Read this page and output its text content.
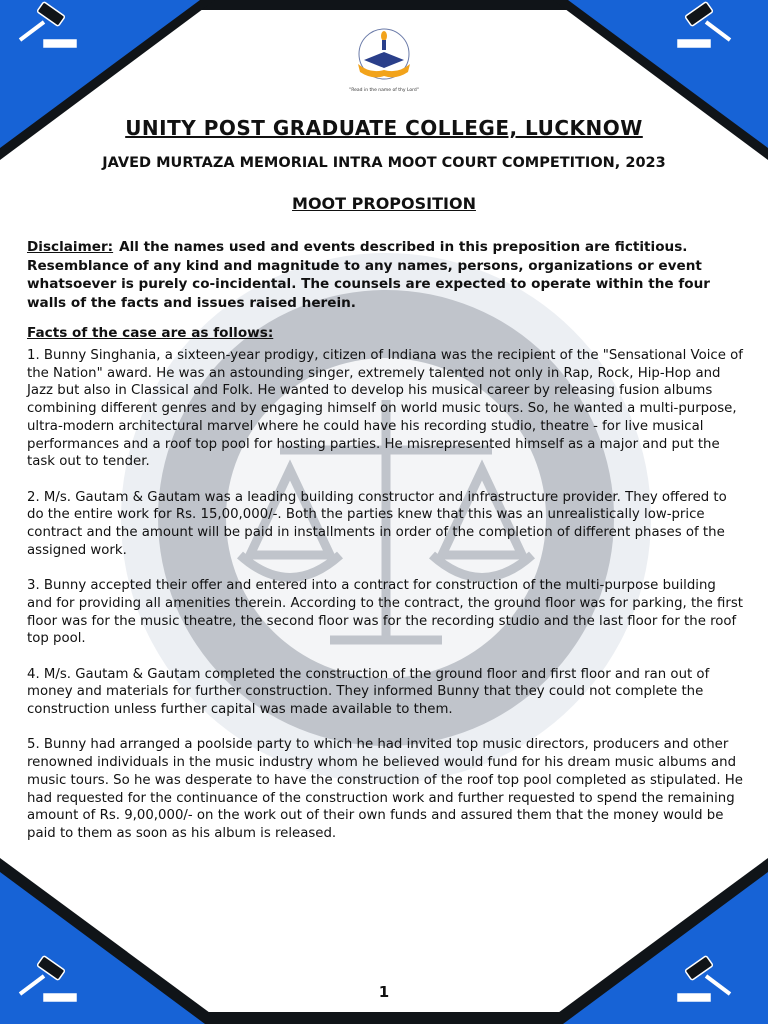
"Read in the name of thy Lord"
UNITY POST GRADUATE COLLEGE, LUCKNOW
JAVED MURTAZA MEMORIAL INTRA MOOT COURT COMPETITION, 2023
MOOT PROPOSITION
Disclaimer: All the names used and events described in this preposition are fictitious. Resemblance of any kind and magnitude to any names, persons, organizations or event whatsoever is purely co-incidental. The counsels are expected to operate within the four walls of the facts and issues raised herein.
Facts of the case are as follows:

1. Bunny Singhania, a sixteen-year prodigy, citizen of Indiana was the recipient of the "Sensational Voice of the Nation" award. He was an astounding singer, extremely talented not only in Rap, Rock, Hip-Hop and Jazz but also in Classical and Folk. He wanted to develop his musical career by releasing fusion albums combining different genres and by engaging himself on world music tours. So, he wanted a multi-purpose, ultra-modern architectural marvel where he could have his recording studio, theatre - for live musical performances and a roof top pool for hosting parties. He misrepresented himself as a major and put the task out to tender.

2. M/s. Gautam & Gautam was a leading building constructor and infrastructure provider. They offered to do the entire work for Rs. 15,00,000/-. Both the parties knew that this was an unrealistically low-price contract and the amount will be paid in installments in order of the completion of different phases of the assigned work.

3. Bunny accepted their offer and entered into a contract for construction of the multi-purpose building and for providing all amenities therein. According to the contract, the ground floor was for parking, the first floor was for the music theatre, the second floor was for the recording studio and the last floor for the roof top pool.

4. M/s. Gautam & Gautam completed the construction of the ground floor and first floor and ran out of money and materials for further construction. They informed Bunny that they could not complete the construction unless further capital was made available to them.

5. Bunny had arranged a poolside party to which he had invited top music directors, producers and other renowned individuals in the music industry whom he believed would fund for his dream music albums and music tours. So he was desperate to have the construction of the roof top pool completed as stipulated. He had requested for the continuance of the construction work and further requested to spend the remaining amount of Rs. 9,00,000/- on the work out of their own funds and assured them that the money would be paid to them as soon as his album is released.

1
